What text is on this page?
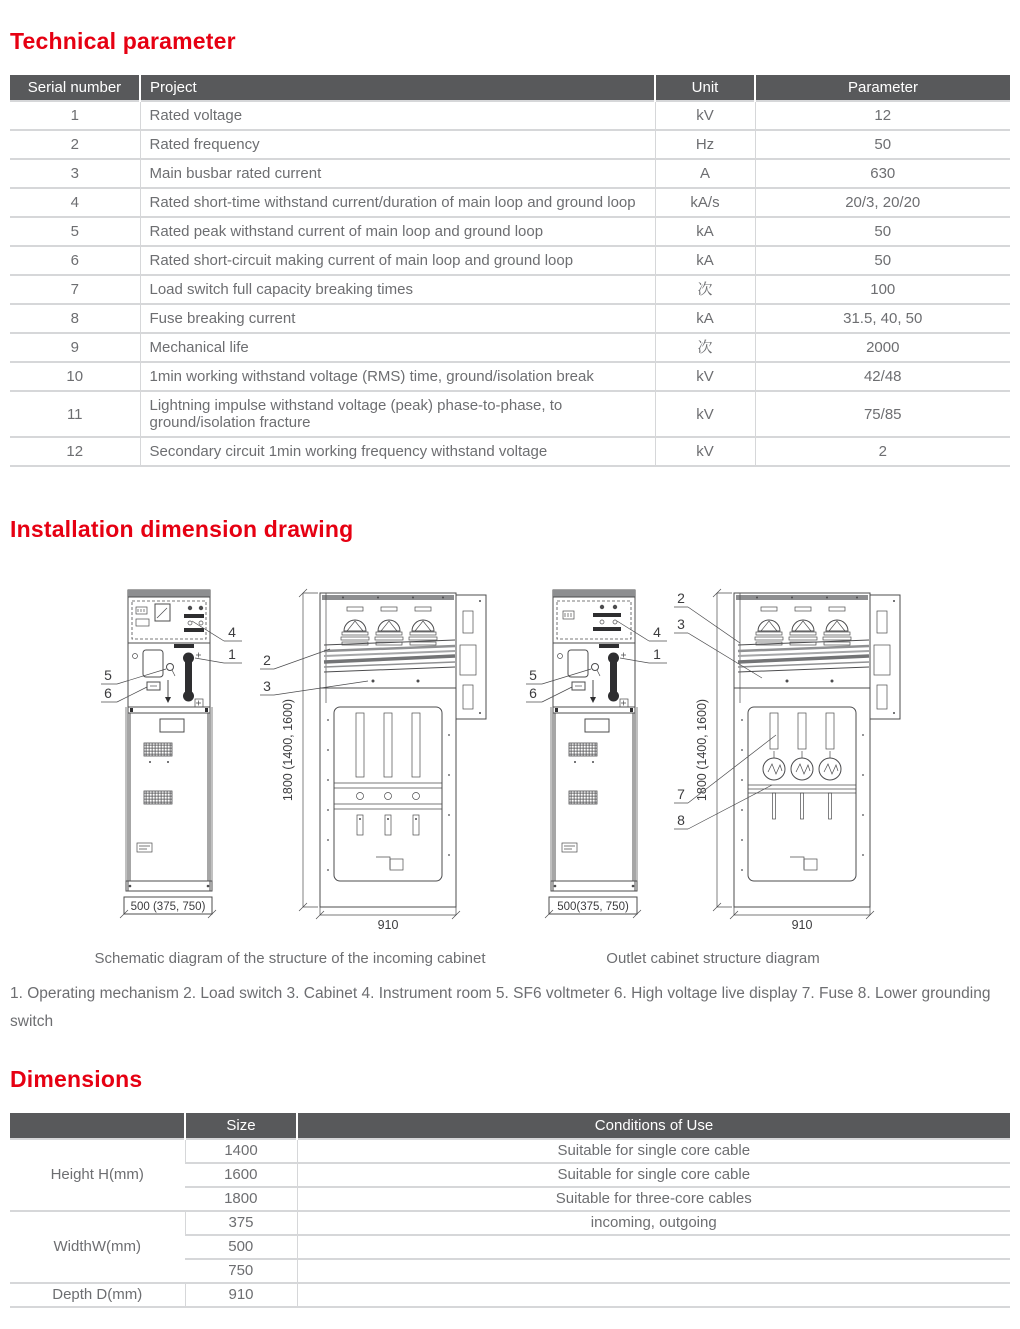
Technical parameter
Serial number	Project	Unit	Parameter
1	Rated voltage	kV	12
2	Rated frequency	Hz	50
3	Main busbar rated current	A	630
4	Rated short-time withstand current/duration of main loop and ground loop	kA/s	20/3, 20/20
5	Rated peak withstand current of main loop and ground loop	kA	50
6	Rated short-circuit making current of main loop and ground loop	kA	50
7	Load switch full capacity breaking times	次	100
8	Fuse breaking current	kA	31.5, 40, 50
9	Mechanical life	次	2000
10	1min working withstand voltage (RMS) time, ground/isolation break	kV	42/48
11	Lightning impulse withstand voltage (peak) phase-to-phase, to ground/isolation fracture	kV	75/85
12	Secondary circuit 1min working frequency withstand voltage	kV	2
Installation dimension drawing
500 (375, 750)
4
1
5
6
1800 (1400, 1600)
910
2
3
500(375, 750)
4
1
5
6
1800 (1400, 1600)
910
2
3
7
8
Schematic diagram of the structure of the incoming cabinet	Outlet cabinet structure diagram

1. Operating mechanism 2. Load switch 3. Cabinet 4. Instrument room 5. SF6 voltmeter 6. High voltage live display 7. Fuse 8. Lower grounding switch

Dimensions
	Size	Conditions of Use
Height H(mm)	1400	Suitable for single core cable
	1600	Suitable for single core cable
	1800	Suitable for three-core cables
WidthW(mm)	375	incoming, outgoing
	500	
	750	
Depth D(mm)	910	
